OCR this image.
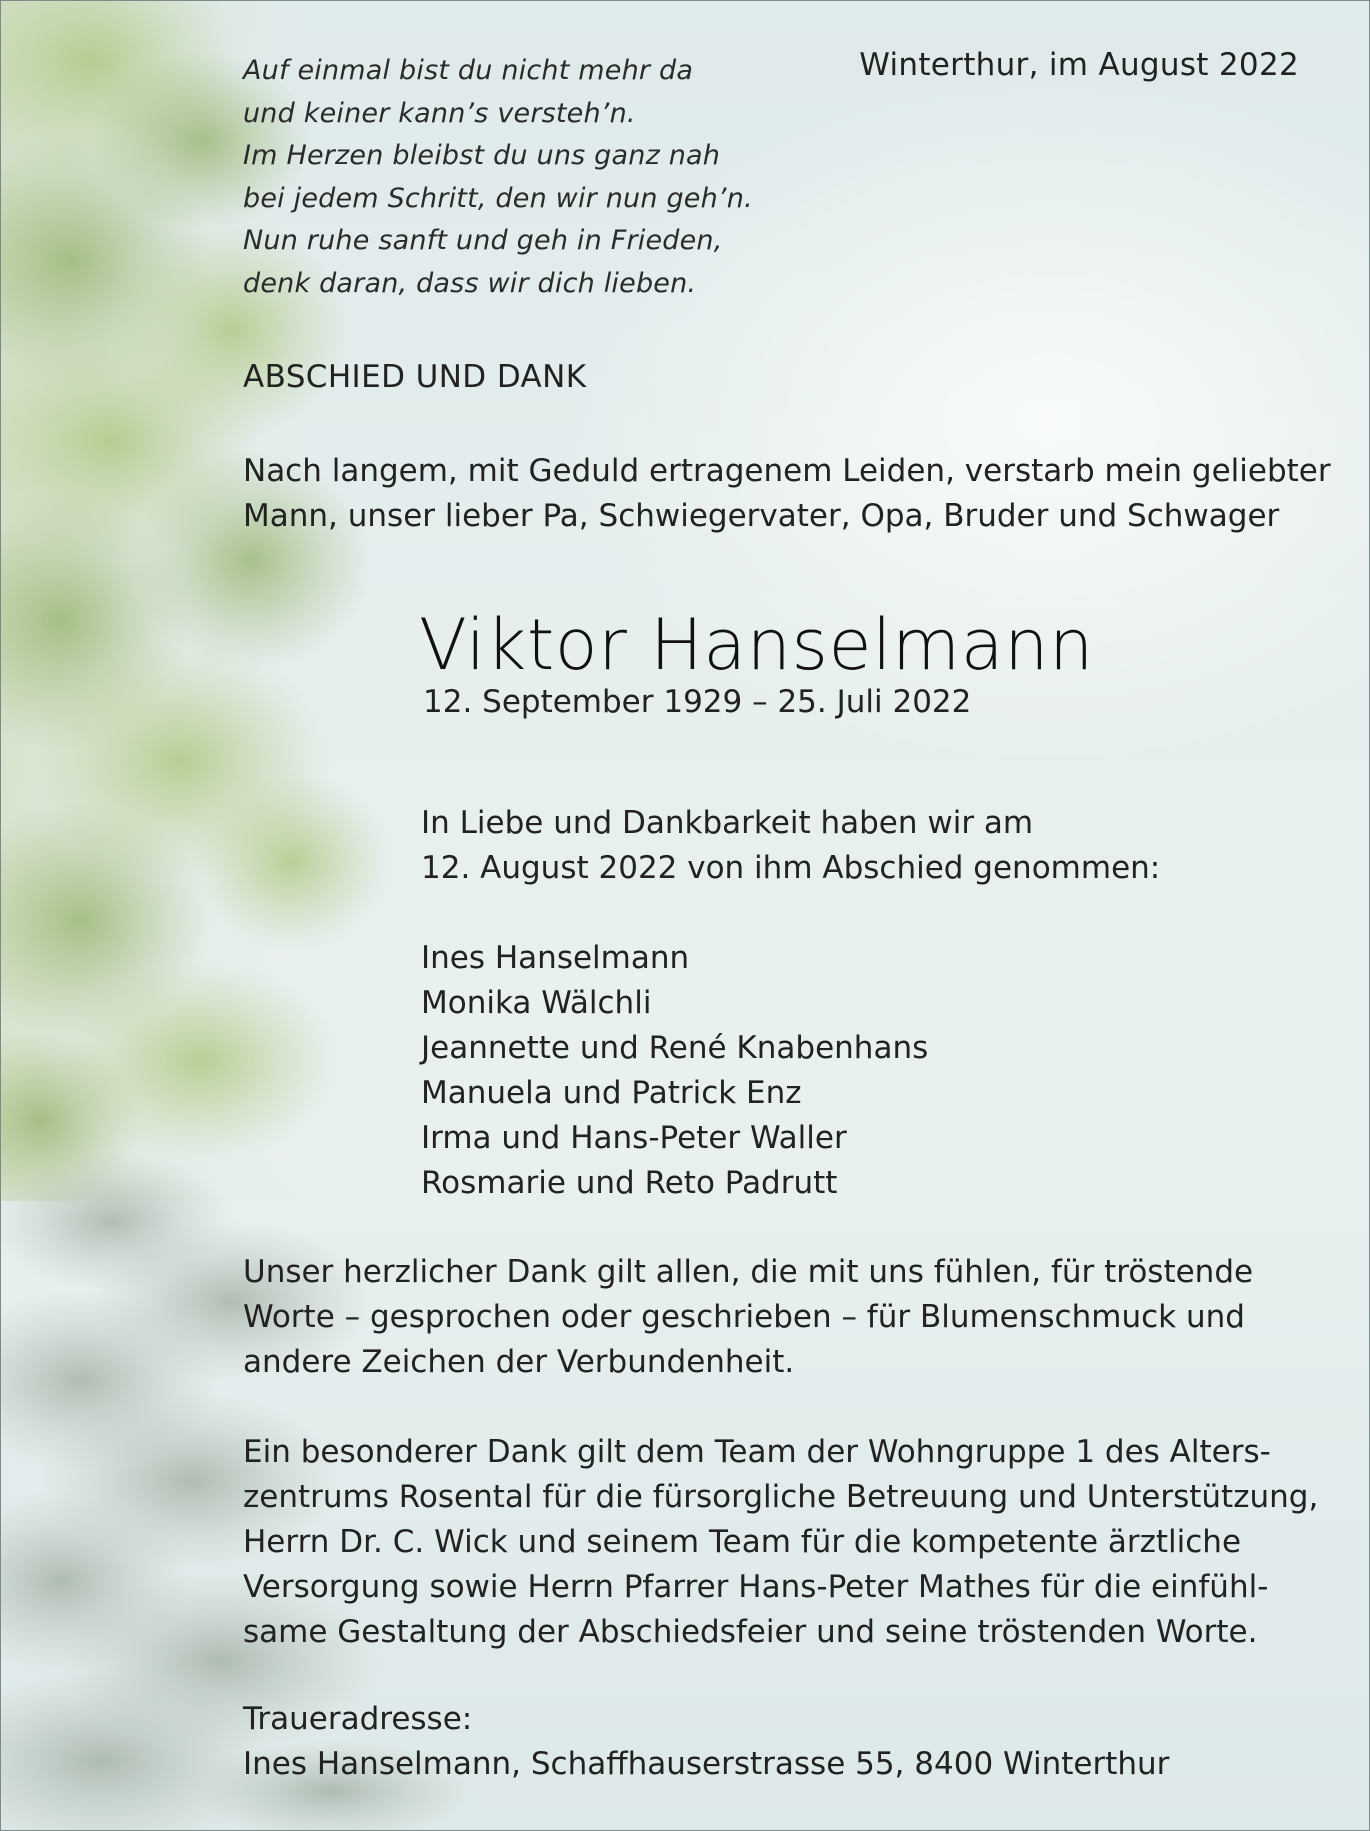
Auf einmal bist du nicht mehr da
und keiner kann’s versteh’n.
Im Herzen bleibst du uns ganz nah
bei jedem Schritt, den wir nun geh’n.
Nun ruhe sanft und geh in Frieden,
denk daran, dass wir dich lieben.
Winterthur, im August 2022
ABSCHIED UND DANK
Nach langem, mit Geduld ertragenem Leiden, verstarb mein geliebter
Mann, unser lieber Pa, Schwiegervater, Opa, Bruder und Schwager
Viktor Hanselmann
12. September 1929 – 25. Juli 2022
In Liebe und Dankbarkeit haben wir am
12. August 2022 von ihm Abschied genommen:
Ines Hanselmann
Monika Wälchli
Jeannette und René Knabenhans
Manuela und Patrick Enz
Irma und Hans-Peter Waller
Rosmarie und Reto Padrutt
Unser herzlicher Dank gilt allen, die mit uns fühlen, für tröstende
Worte – gesprochen oder geschrieben – für Blumenschmuck und
andere Zeichen der Verbundenheit.
Ein besonderer Dank gilt dem Team der Wohngruppe 1 des Alters-
zentrums Rosental für die fürsorgliche Betreuung und Unterstützung,
Herrn Dr. C. Wick und seinem Team für die kompetente ärztliche
Versorgung sowie Herrn Pfarrer Hans-Peter Mathes für die einfühl-
same Gestaltung der Abschiedsfeier und seine tröstenden Worte.
Traueradresse:
Ines Hanselmann, Schaffhauserstrasse 55, 8400 Winterthur
